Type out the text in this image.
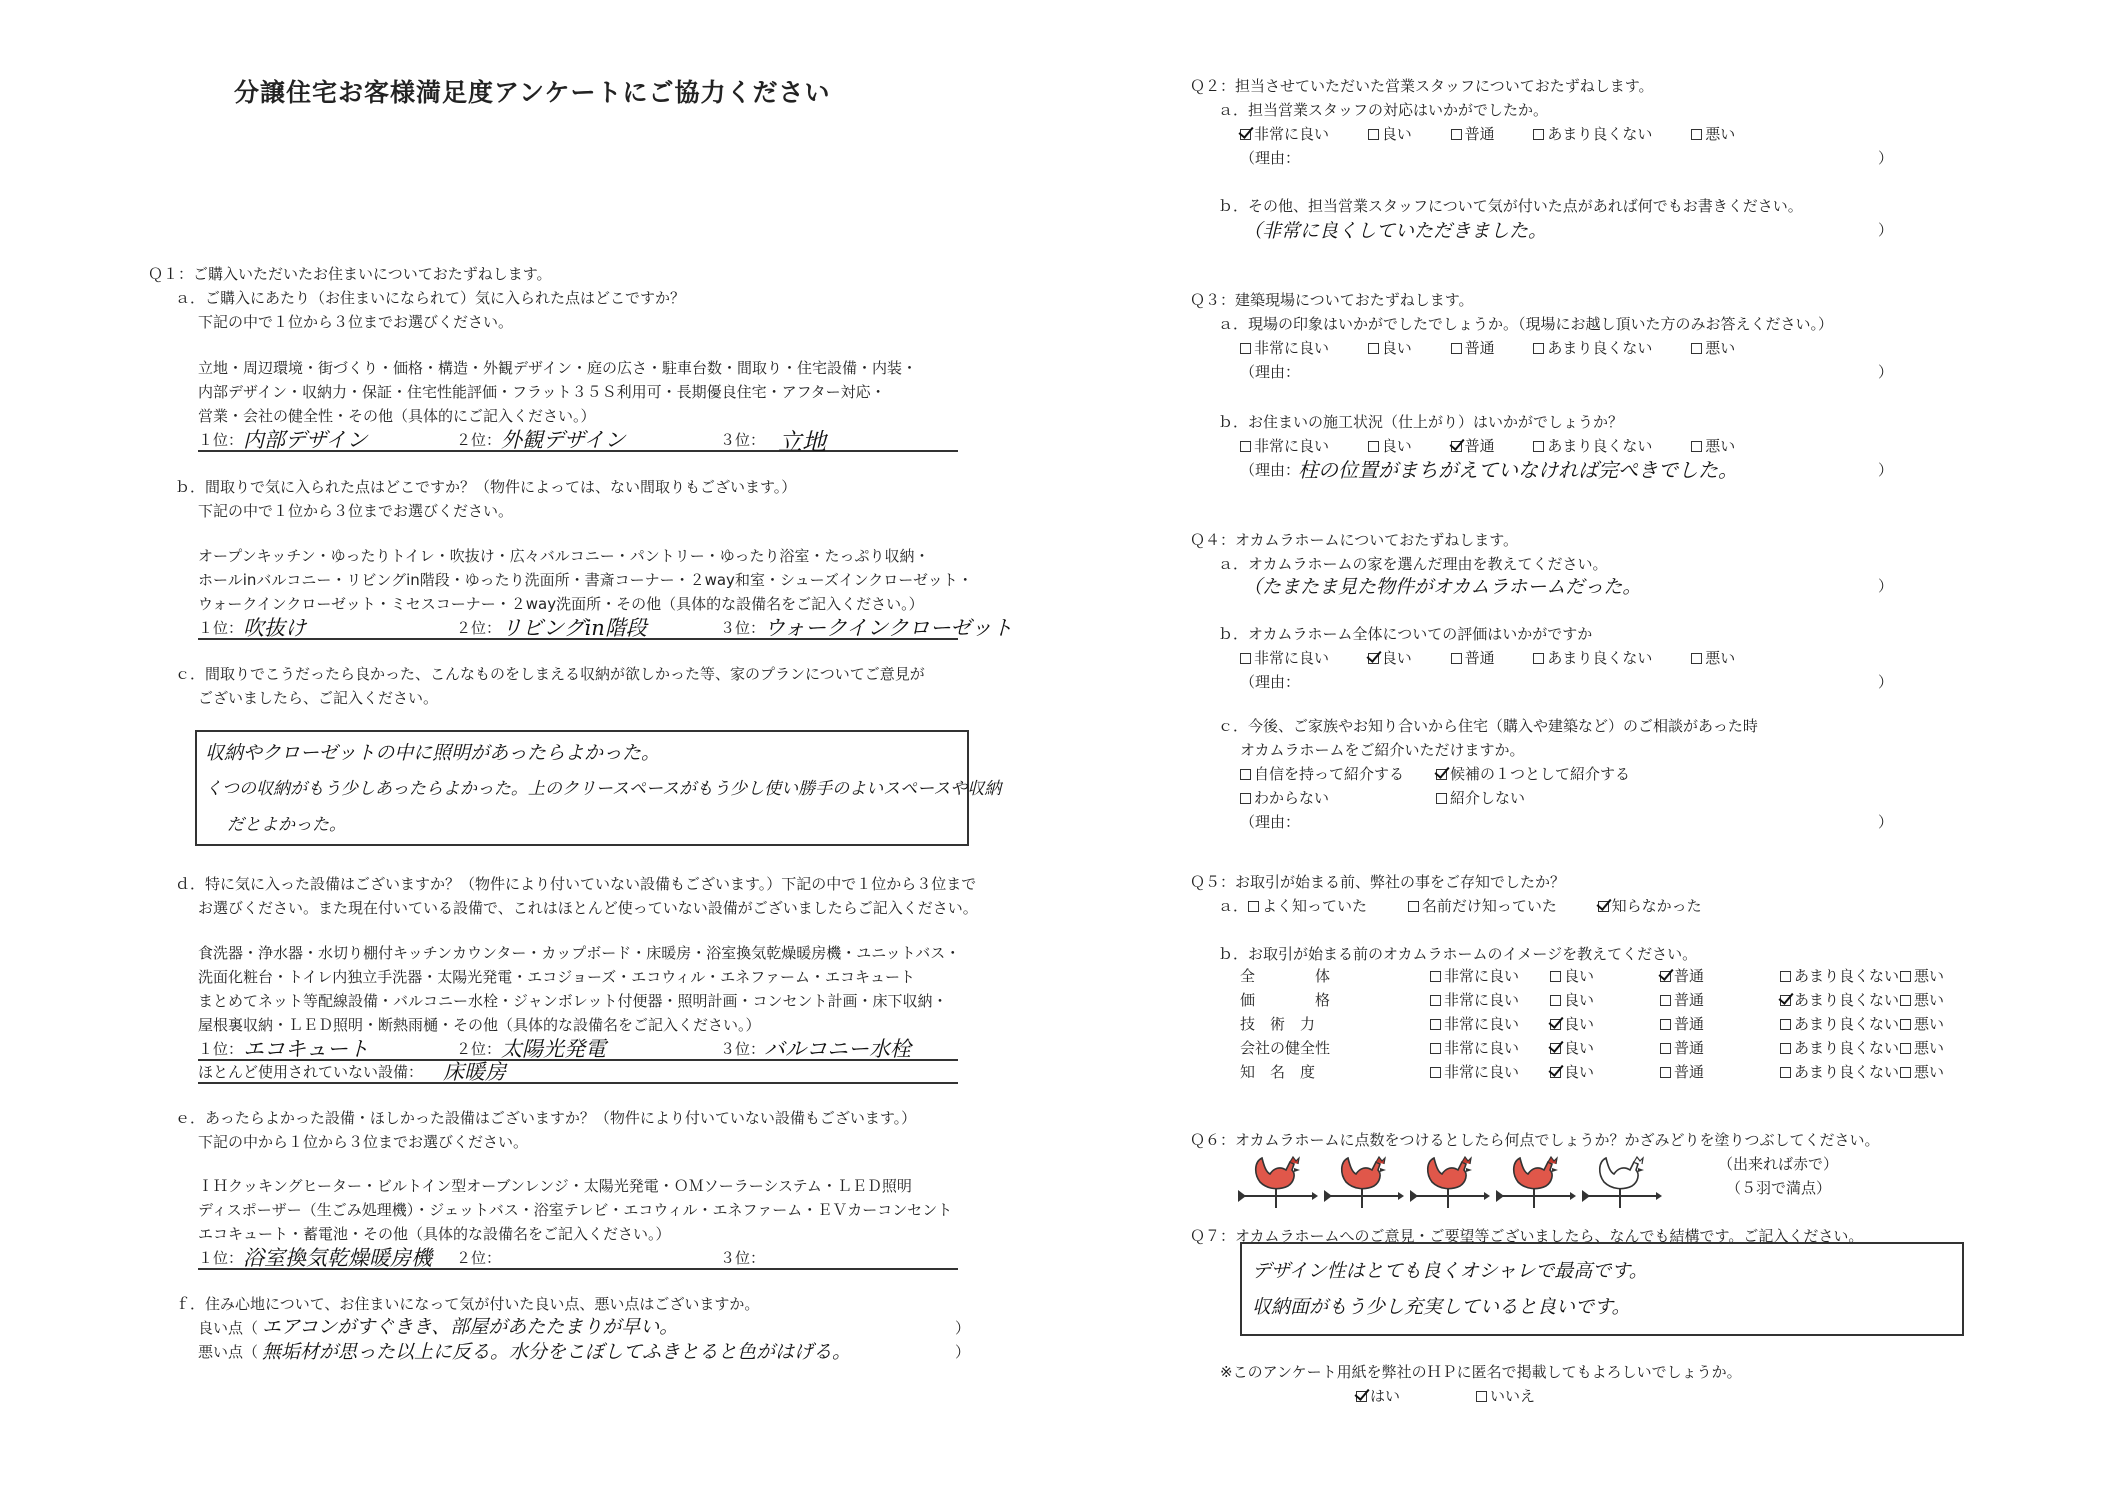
分譲住宅お客様満足度アンケートにご協力ください
Ｑ１：ご購入いただいたお住まいについておたずねします。
ａ．ご購入にあたり（お住まいになられて）気に入られた点はどこですか？
下記の中で１位から３位までお選びください。
立地・周辺環境・街づくり・価格・構造・外観デザイン・庭の広さ・駐車台数・間取り・住宅設備・内装・
内部デザイン・収納力・保証・住宅性能評価・フラット３５Ｓ利用可・長期優良住宅・アフター対応・
営業・会社の健全性・その他（具体的にご記入ください。）
１位： 内部デザイン	２位： 外観デザイン	３位： 立地
ｂ．間取りで気に入られた点はどこですか？（物件によっては、ない間取りもございます。）
下記の中で１位から３位までお選びください。
オープンキッチン・ゆったりトイレ・吹抜け・広々バルコニー・パントリー・ゆったり浴室・たっぷり収納・
ホールinバルコニー・リビングin階段・ゆったり洗面所・書斎コーナー・２way和室・シューズインクローゼット・
ウォークインクローゼット・ミセスコーナー・２way洗面所・その他（具体的な設備名をご記入ください。）
１位： 吹抜け	２位： リビングin階段	３位：
ウォークインクローゼット
ｃ．間取りでこうだったら良かった、こんなものをしまえる収納が欲しかった等、家のプランについてご意見が
ございましたら、ご記入ください。
収納やクローゼットの中に照明があったらよかった。
くつの収納がもう少しあったらよかった。上のクリースペースがもう少し使い勝手のよいスペースや収納
だとよかった。
ｄ．特に気に入った設備はございますか？（物件により付いていない設備もございます。）下記の中で１位から３位まで
お選びください。また現在付いている設備で、これはほとんど使っていない設備がございましたらご記入ください。
食洗器・浄水器・水切り棚付キッチンカウンター・カップボード・床暖房・浴室換気乾燥暖房機・ユニットバス・
洗面化粧台・トイレ内独立手洗器・太陽光発電・エコジョーズ・エコウィル・エネファーム・エコキュート
まとめてネット等配線設備・バルコニー水栓・ジャンボレット付便器・照明計画・コンセント計画・床下収納・
屋根裏収納・ＬＥＤ照明・断熱雨樋・その他（具体的な設備名をご記入ください。）
１位： エコキュート	２位： 太陽光発電	３位：
バルコニー水栓
ほとんど使用されていない設備： 床暖房
ｅ．あったらよかった設備・ほしかった設備はございますか？（物件により付いていない設備もございます。）
下記の中から１位から３位までお選びください。
ＩＨクッキングヒーター・ビルトイン型オーブンレンジ・太陽光発電・ＯＭソーラーシステム・ＬＥＤ照明
ディスポーザー（生ごみ処理機）・ジェットバス・浴室テレビ・エコウィル・エネファーム・ＥＶカーコンセント
エコキュート・蓄電池・その他（具体的な設備名をご記入ください。）
１位： 浴室換気乾燥暖房機 ２位：	３位：
ｆ．住み心地について、お住まいになって気が付いた良い点、悪い点はございますか。
良い点（ エアコンがすぐきき、部屋があたたまりが早い。	）
悪い点（ 無垢材が思った以上に反る。水分をこぼしてふきとると色がはげる。	）
Ｑ２：担当させていただいた営業スタッフについておたずねします。
ａ．担当営業スタッフの対応はいかがでしたか。
非常に良い	良い	普通	あまり良くない	悪い
（理由：	）
ｂ．その他、担当営業スタッフについて気が付いた点があれば何でもお書きください。
（非常に良くしていただきました。	）
Ｑ３：建築現場についておたずねします。
ａ．現場の印象はいかがでしたでしょうか。（現場にお越し頂いた方のみお答えください。）
非常に良い	良い	普通	あまり良くない	悪い
（理由：	）
ｂ．お住まいの施工状況（仕上がり）はいかがでしょうか？
非常に良い	良い	普通	あまり良くない	悪い
（理由：
柱の位置がまちがえていなければ完ぺきでした。	）
Ｑ４：オカムラホームについておたずねします。
ａ．オカムラホームの家を選んだ理由を教えてください。
（たまたま見た物件がオカムラホームだった。	）
ｂ．オカムラホーム全体についての評価はいかがですか
非常に良い	良い	普通	あまり良くない	悪い
（理由：	）
ｃ．今後、ご家族やお知り合いから住宅（購入や建築など）のご相談があった時
オカムラホームをご紹介いただけますか。
自信を持って紹介する	候補の１つとして紹介する
わからない	紹介しない
（理由：	）
Ｑ５：お取引が始まる前、弊社の事をご存知でしたか？
ａ． よく知っていた	名前だけ知っていた	知らなかった
ｂ．お取引が始まる前のオカムラホームのイメージを教えてください。
全　　　　体	非常に良い	良い	普通	あまり良くない 悪い
価　　　　格	非常に良い	良い	普通	あまり良くない 悪い
技　術　力	非常に良い	良い	普通	あまり良くない 悪い
会社の健全性	非常に良い	良い	普通	あまり良くない 悪い
知　名　度	非常に良い	良い	普通	あまり良くない 悪い
Ｑ６：オカムラホームに点数をつけるとしたら何点でしょうか？かざみどりを塗りつぶしてください。
（出来れば赤で）
（５羽で満点）
Ｑ７：オカムラホームへのご意見・ご要望等ございましたら、なんでも結構です。ご記入ください。
デザイン性はとても良くオシャレで最高です。
収納面がもう少し充実していると良いです。
※このアンケート用紙を弊社のＨＰに匿名で掲載してもよろしいでしょうか。
はい	いいえ
